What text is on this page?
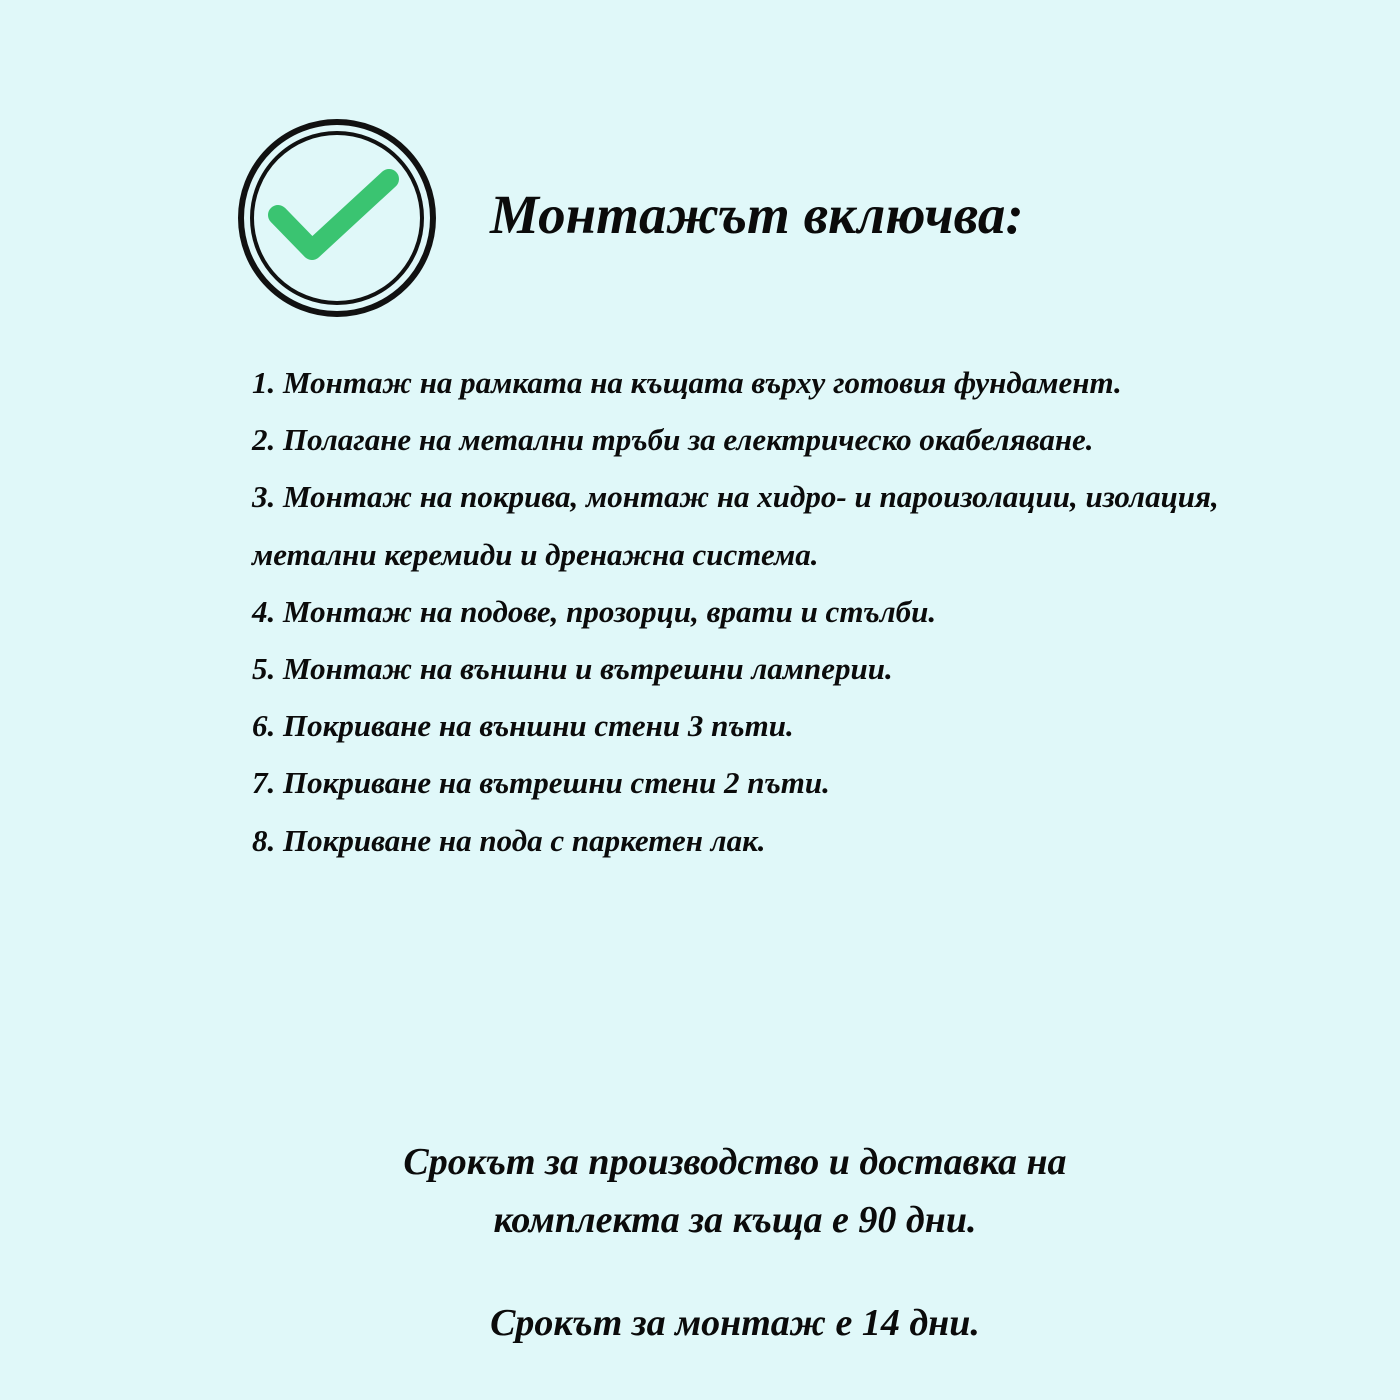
Монтажът включва:
1. Монтаж на рамката на къщата върху готовия фундамент.
2. Полагане на метални тръби за електрическо окабеляване.
3. Монтаж на покрива, монтаж на хидро- и пароизолации, изолация, метални керемиди и дренажна система.
4. Монтаж на подове, прозорци, врати и стълби.
5. Монтаж на външни и вътрешни ламперии.
6. Покриване на външни стени 3 пъти.
7. Покриване на вътрешни стени 2 пъти.
8. Покриване на пода с паркетен лак.

Срокът за производство и доставка на
комплекта за къща е 90 дни.

Срокът за монтаж е 14 дни.
